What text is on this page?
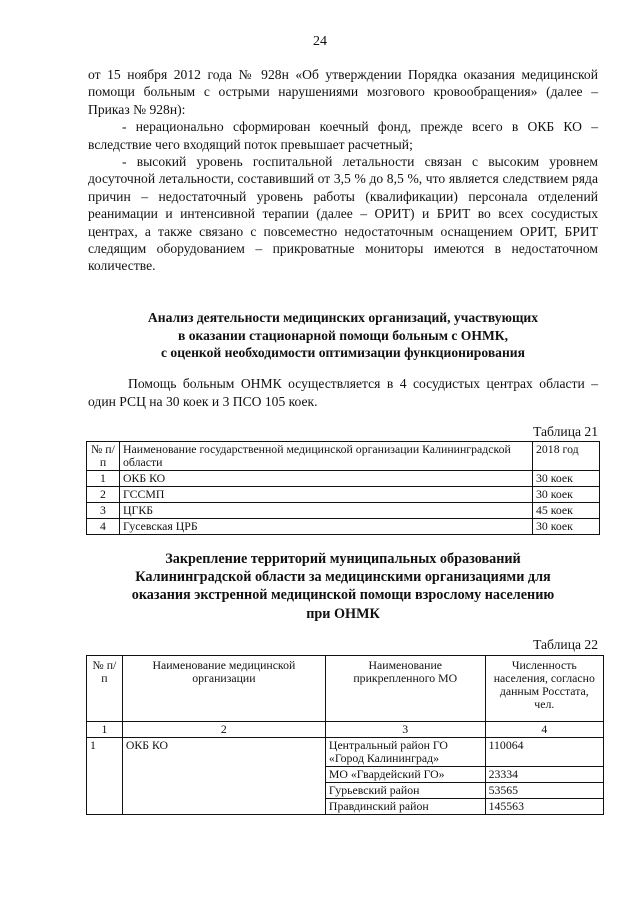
24

от 15 ноября 2012 года № 928н «Об утверждении Порядка оказания медицинской помощи больным с острыми нарушениями мозгового кровообращения» (далее – Приказ № 928н):

- нерационально сформирован коечный фонд, прежде всего в ОКБ КО – вследствие чего входящий поток превышает расчетный;

- высокий уровень госпитальной летальности связан с высоким уровнем досуточной летальности, составивший от 3,5 % до 8,5 %, что является следствием ряда причин – недостаточный уровень работы (квалификации) персонала отделений реанимации и интенсивной терапии (далее – ОРИТ) и БРИТ во всех сосудистых центрах, а также связано с повсеместно недостаточным оснащением ОРИТ, БРИТ следящим оборудованием – прикроватные мониторы имеются в недостаточном количестве.

Анализ деятельности медицинских организаций, участвующих
в оказании стационарной помощи больным с ОНМК,
с оценкой необходимости оптимизации функционирования

Помощь больным ОНМК осуществляется в 4 сосудистых центрах области – один РСЦ на 30 коек и 3 ПСО 105 коек.

Таблица 21
№ п/п	Наименование государственной медицинской организации Калининградской области	2018 год
1	ОКБ КО	30 коек
2	ГССМП	30 коек
3	ЦГКБ	45 коек
4	Гусевская ЦРБ	30 коек
Закрепление территорий муниципальных образований
Калининградской области за медицинскими организациями для
оказания экстренной медицинской помощи взрослому населению
при ОНМК
Таблица 22
№ п/п	Наименование медицинской организации	Наименование прикрепленного МО	Численность населения, согласно данным Росстата, чел.
1	2	3	4
1	ОКБ КО	Центральный район ГО «Город Калининград»	110064
		МО «Гвардейский ГО»	23334
		Гурьевский район	53565
		Правдинский район	145563
